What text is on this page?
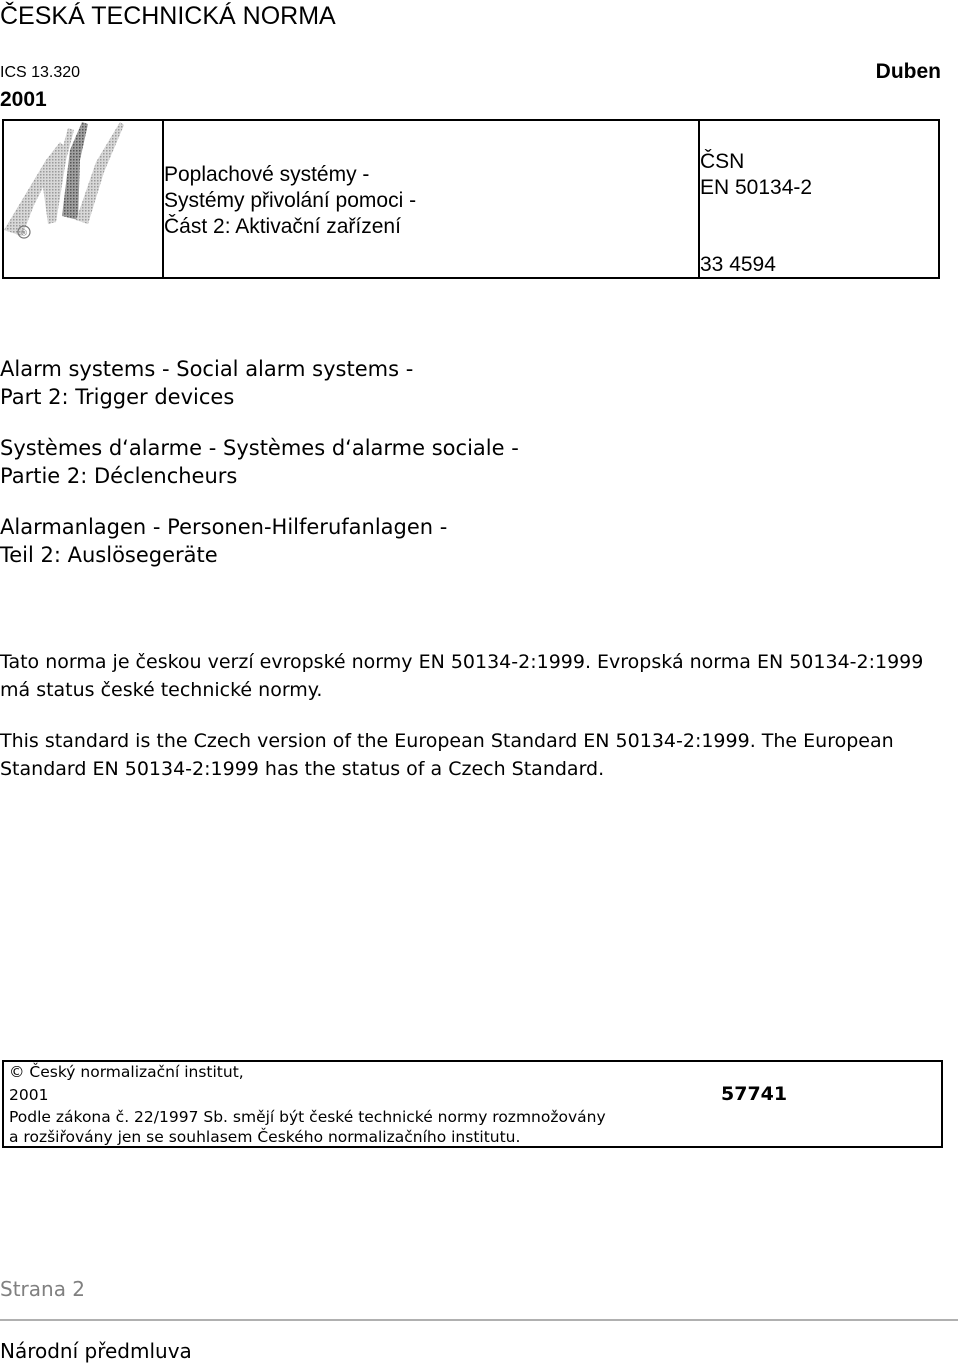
ČESKÁ TECHNICKÁ NORMA
ICS 13.320	Duben
2001
®
Poplachové systémy -
Systémy přivolání pomoci -
Část 2: Aktivační zařízení
ČSN
EN 50134-2
33 4594
Alarm systems - Social alarm systems -
Part 2: Trigger devices
Systèmes d‘alarme - Systèmes d‘alarme sociale -
Partie 2: Déclencheurs
Alarmanlagen - Personen-Hilferufanlagen -
Teil 2: Auslösegeräte
Tato norma je českou verzí evropské normy EN 50134-2:1999. Evropská norma EN 50134-2:1999 má status české technické normy.
This standard is the Czech version of the European Standard EN 50134-2:1999. The European Standard EN 50134-2:1999 has the status of a Czech Standard.
© Český normalizační institut,
2001	57741
Podle zákona č. 22/1997 Sb. smějí být české technické normy rozmnožovány
a rozšiřovány jen se souhlasem Českého normalizačního institutu.
Strana 2
Národní předmluva
